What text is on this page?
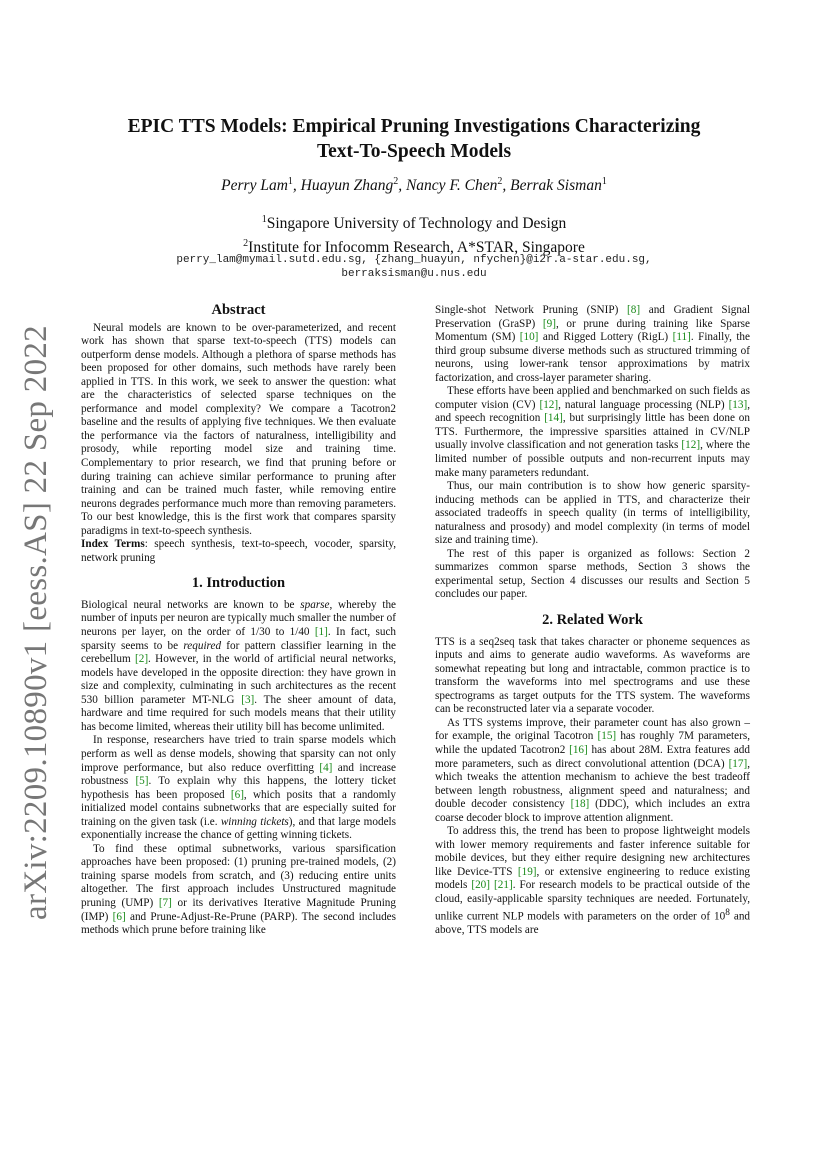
arXiv:2209.10890v1 [eess.AS] 22 Sep 2022
EPIC TTS Models: Empirical Pruning Investigations Characterizing
Text-To-Speech Models
Perry Lam$^1$, Huayun Zhang$^2$, Nancy F. Chen$^2$, Berrak Sisman$^1$
$^1$Singapore University of Technology and Design
$^2$Institute for Infocomm Research, A*STAR, Singapore
perry_lam@mymail.sutd.edu.sg, {zhang_huayun, nfychen}@i2r.a-star.edu.sg,
berraksisman@u.nus.edu
Abstract

Neural models are known to be over-parameterized, and recent work has shown that sparse text-to-speech (TTS) models can outperform dense models. Although a plethora of sparse methods has been proposed for other domains, such methods have rarely been applied in TTS. In this work, we seek to answer the question: what are the characteristics of selected sparse techniques on the performance and model complexity? We compare a Tacotron2 baseline and the results of applying five techniques. We then evaluate the performance via the factors of naturalness, intelligibility and prosody, while reporting model size and training time. Complementary to prior research, we find that pruning before or during training can achieve similar performance to pruning after training and can be trained much faster, while removing entire neurons degrades performance much more than removing parameters. To our best knowledge, this is the first work that compares sparsity paradigms in text-to-speech synthesis.

Index Terms: speech synthesis, text-to-speech, vocoder, sparsity, network pruning

1. Introduction

Biological neural networks are known to be sparse, whereby the number of inputs per neuron are typically much smaller the number of neurons per layer, on the order of 1/30 to 1/40 [1]. In fact, such sparsity seems to be required for pattern classifier learning in the cerebellum [2]. However, in the world of artificial neural networks, models have developed in the opposite direction: they have grown in size and complexity, culminating in such architectures as the recent 530 billion parameter MT-NLG [3]. The sheer amount of data, hardware and time required for such models means that their utility has become limited, whereas their utility bill has become unlimited.

In response, researchers have tried to train sparse models which perform as well as dense models, showing that sparsity can not only improve performance, but also reduce overfitting [4] and increase robustness [5]. To explain why this happens, the lottery ticket hypothesis has been proposed [6], which posits that a randomly initialized model contains subnetworks that are especially suited for training on the given task (i.e. winning tickets), and that large models exponentially increase the chance of getting winning tickets.

To find these optimal subnetworks, various sparsification approaches have been proposed: (1) pruning pre-trained models, (2) training sparse models from scratch, and (3) reducing entire units altogether. The first approach includes Unstructured magnitude pruning (UMP) [7] or its derivatives Iterative Magnitude Pruning (IMP) [6] and Prune-Adjust-Re-Prune (PARP). The second includes methods which prune before training like

Single-shot Network Pruning (SNIP) [8] and Gradient Signal Preservation (GraSP) [9], or prune during training like Sparse Momentum (SM) [10] and Rigged Lottery (RigL) [11]. Finally, the third group subsume diverse methods such as structured trimming of neurons, using lower-rank tensor approximations by matrix factorization, and cross-layer parameter sharing.

These efforts have been applied and benchmarked on such fields as computer vision (CV) [12], natural language processing (NLP) [13], and speech recognition [14], but surprisingly little has been done on TTS. Furthermore, the impressive sparsities attained in CV/NLP usually involve classification and not generation tasks [12], where the limited number of possible outputs and non-recurrent inputs may make many parameters redundant.

Thus, our main contribution is to show how generic sparsity-inducing methods can be applied in TTS, and characterize their associated tradeoffs in speech quality (in terms of intelligibility, naturalness and prosody) and model complexity (in terms of model size and training time).

The rest of this paper is organized as follows: Section 2 summarizes common sparse methods, Section 3 shows the experimental setup, Section 4 discusses our results and Section 5 concludes our paper.

2. Related Work

TTS is a seq2seq task that takes character or phoneme sequences as inputs and aims to generate audio waveforms. As waveforms are somewhat repeating but long and intractable, common practice is to transform the waveforms into mel spectrograms and use these spectrograms as target outputs for the TTS system. The waveforms can be reconstructed later via a separate vocoder.

As TTS systems improve, their parameter count has also grown – for example, the original Tacotron [15] has roughly 7M parameters, while the updated Tacotron2 [16] has about 28M. Extra features add more parameters, such as direct convolutional attention (DCA) [17], which tweaks the attention mechanism to achieve the best tradeoff between length robustness, alignment speed and naturalness; and double decoder consistency [18] (DDC), which includes an extra coarse decoder block to improve attention alignment.

To address this, the trend has been to propose lightweight models with lower memory requirements and faster inference suitable for mobile devices, but they either require designing new architectures like Device-TTS [19], or extensive engineering to reduce existing models [20] [21]. For research models to be practical outside of the cloud, easily-applicable sparsity techniques are needed. Fortunately, unlike current NLP models with parameters on the order of $10^8$ and above, TTS models are
